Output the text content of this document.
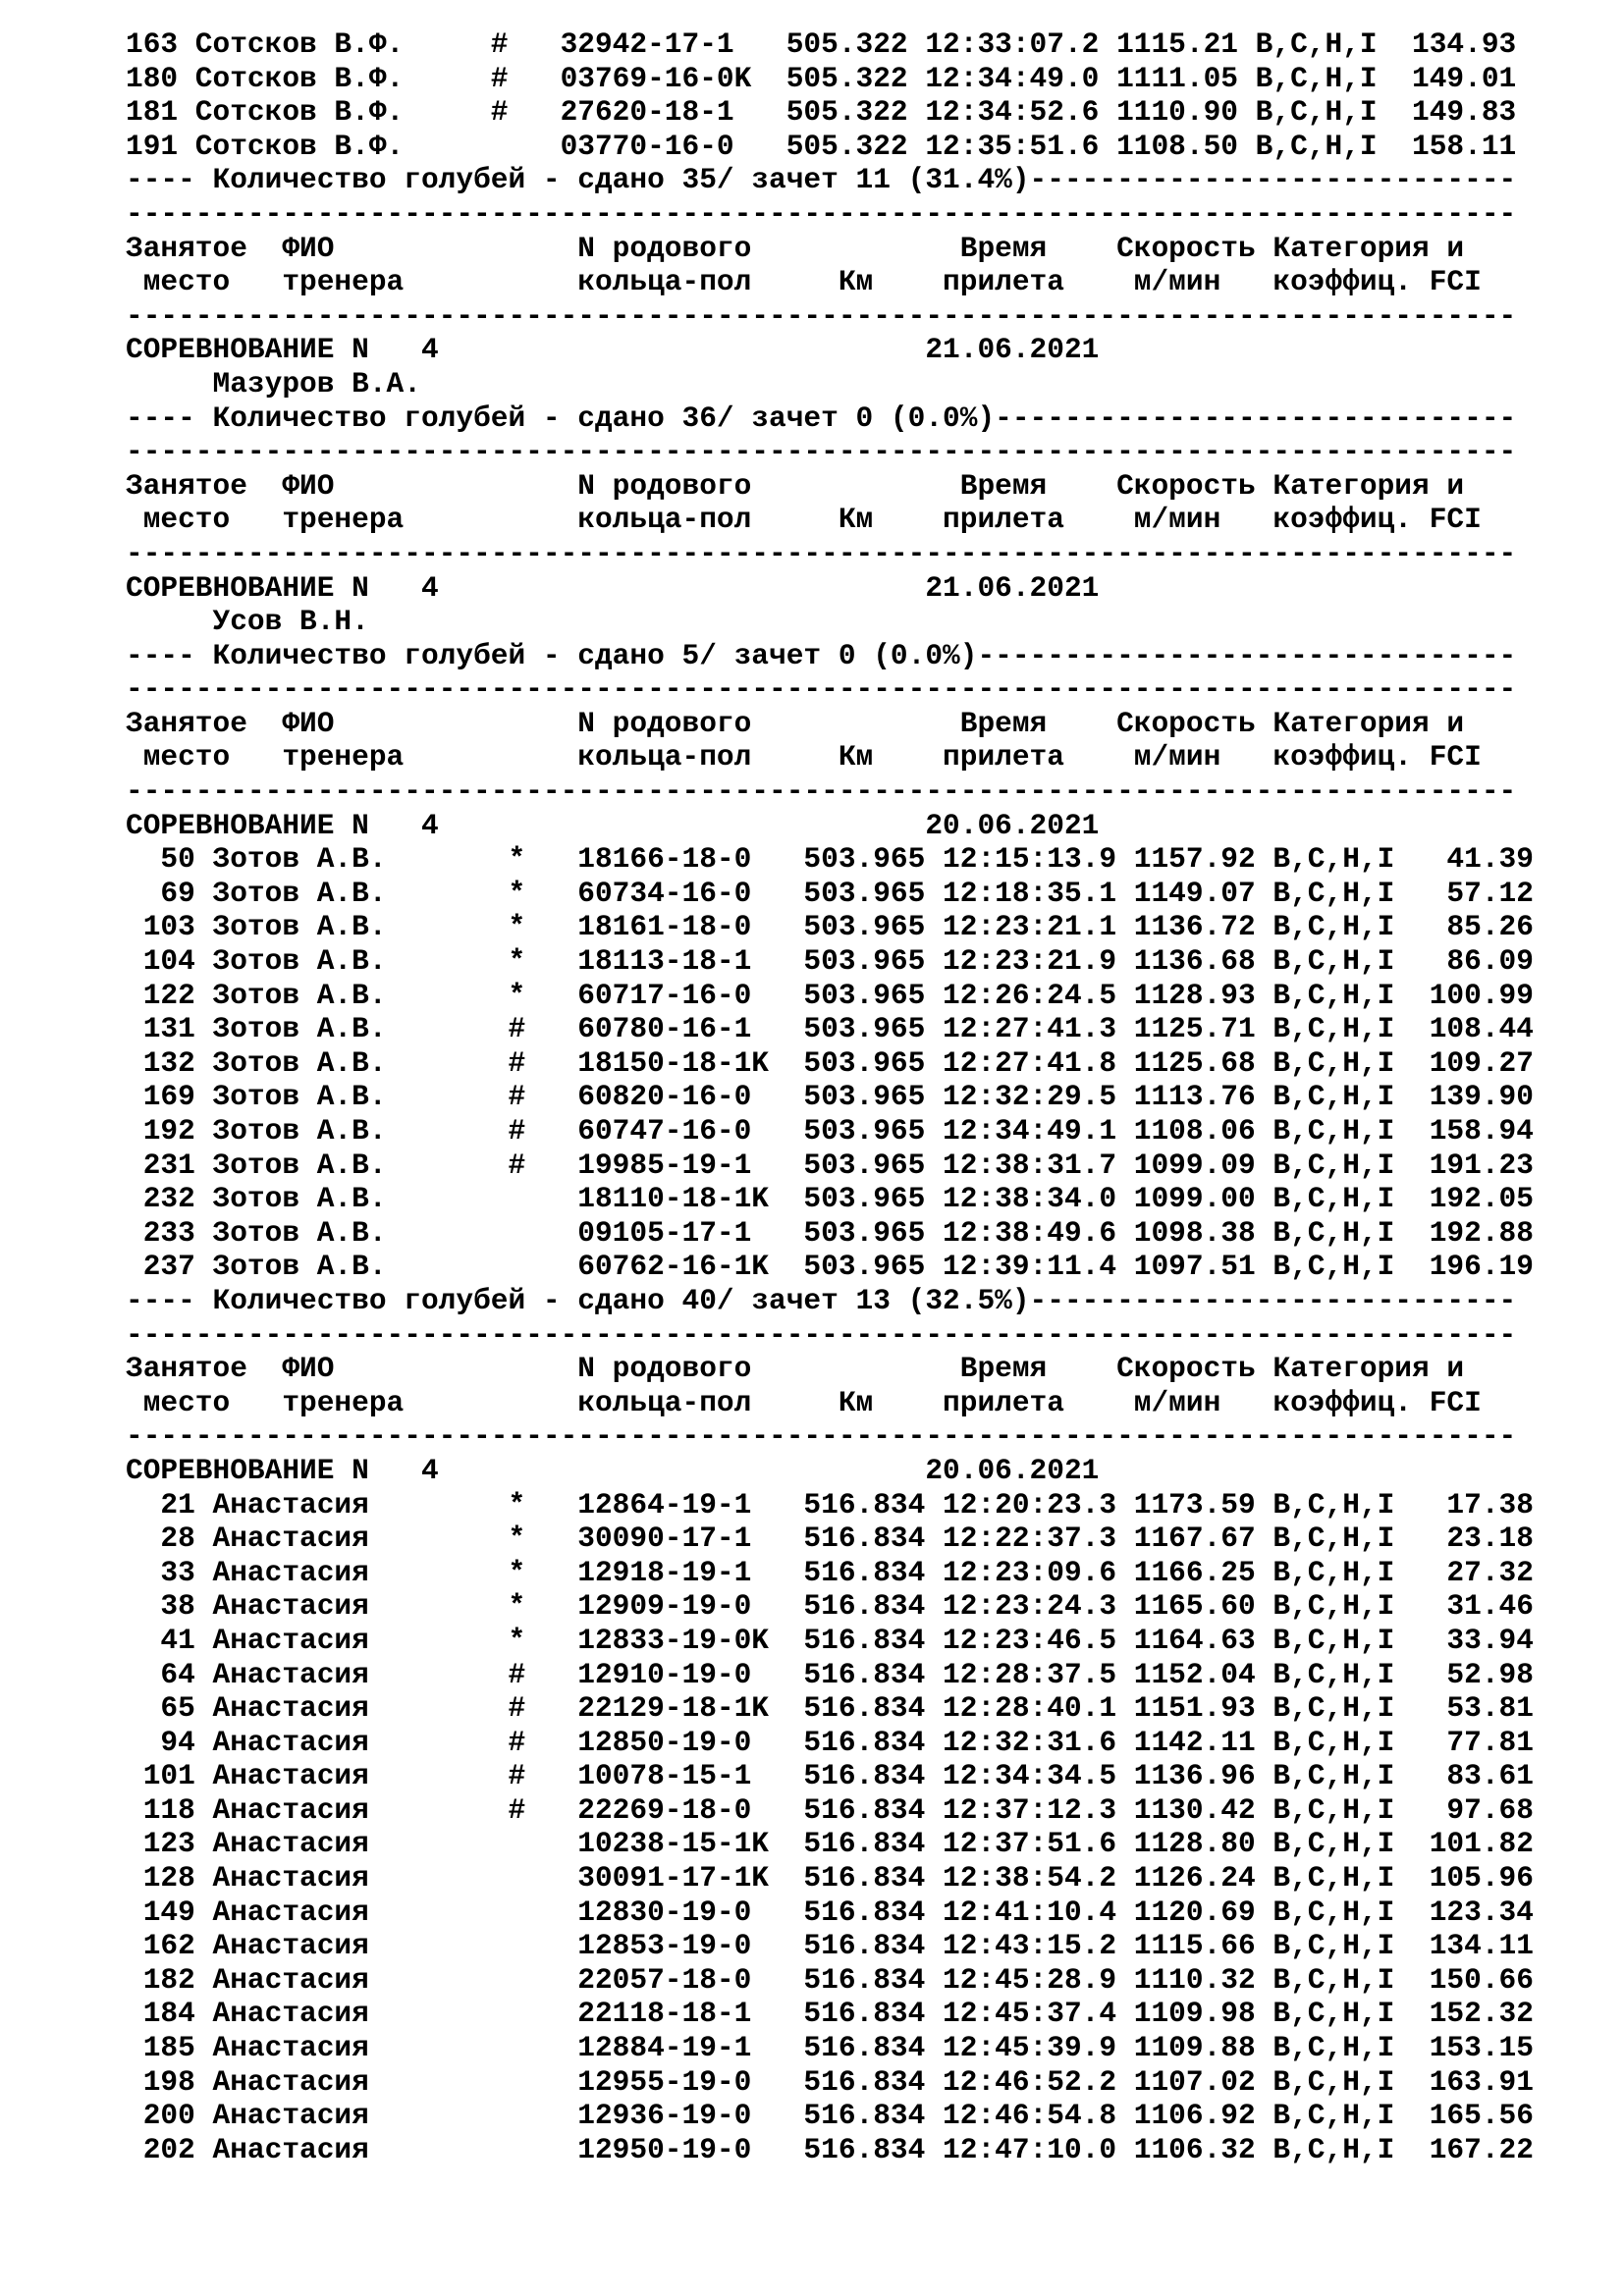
163 Сотсков В.Ф.     #   32942-17-1   505.322 12:33:07.2 1115.21 B,C,H,I  134.93
180 Сотсков В.Ф.     #   03769-16-0K  505.322 12:34:49.0 1111.05 B,C,H,I  149.01
181 Сотсков В.Ф.     #   27620-18-1   505.322 12:34:52.6 1110.90 B,C,H,I  149.83
191 Сотсков В.Ф.         03770-16-0   505.322 12:35:51.6 1108.50 B,C,H,I  158.11
---- Количество голубей - сдано 35/ зачет 11 (31.4%)----------------------------
--------------------------------------------------------------------------------
Занятое  ФИО              N родового            Время    Скорость Категория и
место   тренера          кольца-пол     Км    прилета    м/мин   коэффиц. FCI
--------------------------------------------------------------------------------
СОРЕВНОВАНИЕ N   4                            21.06.2021
Мазуров В.А.
---- Количество голубей - сдано 36/ зачет 0 (0.0%)------------------------------
--------------------------------------------------------------------------------
Занятое  ФИО              N родового            Время    Скорость Категория и
место   тренера          кольца-пол     Км    прилета    м/мин   коэффиц. FCI
--------------------------------------------------------------------------------
СОРЕВНОВАНИЕ N   4                            21.06.2021
Усов В.Н.
---- Количество голубей - сдано 5/ зачет 0 (0.0%)-------------------------------
--------------------------------------------------------------------------------
Занятое  ФИО              N родового            Время    Скорость Категория и
место   тренера          кольца-пол     Км    прилета    м/мин   коэффиц. FCI
--------------------------------------------------------------------------------
СОРЕВНОВАНИЕ N   4                            20.06.2021
50 Зотов А.В.       *   18166-18-0   503.965 12:15:13.9 1157.92 B,C,H,I   41.39
69 Зотов А.В.       *   60734-16-0   503.965 12:18:35.1 1149.07 B,C,H,I   57.12
103 Зотов А.В.       *   18161-18-0   503.965 12:23:21.1 1136.72 B,C,H,I   85.26
104 Зотов А.В.       *   18113-18-1   503.965 12:23:21.9 1136.68 B,C,H,I   86.09
122 Зотов А.В.       *   60717-16-0   503.965 12:26:24.5 1128.93 B,C,H,I  100.99
131 Зотов А.В.       #   60780-16-1   503.965 12:27:41.3 1125.71 B,C,H,I  108.44
132 Зотов А.В.       #   18150-18-1K  503.965 12:27:41.8 1125.68 B,C,H,I  109.27
169 Зотов А.В.       #   60820-16-0   503.965 12:32:29.5 1113.76 B,C,H,I  139.90
192 Зотов А.В.       #   60747-16-0   503.965 12:34:49.1 1108.06 B,C,H,I  158.94
231 Зотов А.В.       #   19985-19-1   503.965 12:38:31.7 1099.09 B,C,H,I  191.23
232 Зотов А.В.           18110-18-1K  503.965 12:38:34.0 1099.00 B,C,H,I  192.05
233 Зотов А.В.           09105-17-1   503.965 12:38:49.6 1098.38 B,C,H,I  192.88
237 Зотов А.В.           60762-16-1K  503.965 12:39:11.4 1097.51 B,C,H,I  196.19
---- Количество голубей - сдано 40/ зачет 13 (32.5%)----------------------------
--------------------------------------------------------------------------------
Занятое  ФИО              N родового            Время    Скорость Категория и
место   тренера          кольца-пол     Км    прилета    м/мин   коэффиц. FCI
--------------------------------------------------------------------------------
СОРЕВНОВАНИЕ N   4                            20.06.2021
21 Анастасия        *   12864-19-1   516.834 12:20:23.3 1173.59 B,C,H,I   17.38
28 Анастасия        *   30090-17-1   516.834 12:22:37.3 1167.67 B,C,H,I   23.18
33 Анастасия        *   12918-19-1   516.834 12:23:09.6 1166.25 B,C,H,I   27.32
38 Анастасия        *   12909-19-0   516.834 12:23:24.3 1165.60 B,C,H,I   31.46
41 Анастасия        *   12833-19-0K  516.834 12:23:46.5 1164.63 B,C,H,I   33.94
64 Анастасия        #   12910-19-0   516.834 12:28:37.5 1152.04 B,C,H,I   52.98
65 Анастасия        #   22129-18-1K  516.834 12:28:40.1 1151.93 B,C,H,I   53.81
94 Анастасия        #   12850-19-0   516.834 12:32:31.6 1142.11 B,C,H,I   77.81
101 Анастасия        #   10078-15-1   516.834 12:34:34.5 1136.96 B,C,H,I   83.61
118 Анастасия        #   22269-18-0   516.834 12:37:12.3 1130.42 B,C,H,I   97.68
123 Анастасия            10238-15-1K  516.834 12:37:51.6 1128.80 B,C,H,I  101.82
128 Анастасия            30091-17-1K  516.834 12:38:54.2 1126.24 B,C,H,I  105.96
149 Анастасия            12830-19-0   516.834 12:41:10.4 1120.69 B,C,H,I  123.34
162 Анастасия            12853-19-0   516.834 12:43:15.2 1115.66 B,C,H,I  134.11
182 Анастасия            22057-18-0   516.834 12:45:28.9 1110.32 B,C,H,I  150.66
184 Анастасия            22118-18-1   516.834 12:45:37.4 1109.98 B,C,H,I  152.32
185 Анастасия            12884-19-1   516.834 12:45:39.9 1109.88 B,C,H,I  153.15
198 Анастасия            12955-19-0   516.834 12:46:52.2 1107.02 B,C,H,I  163.91
200 Анастасия            12936-19-0   516.834 12:46:54.8 1106.92 B,C,H,I  165.56
202 Анастасия            12950-19-0   516.834 12:47:10.0 1106.32 B,C,H,I  167.22
